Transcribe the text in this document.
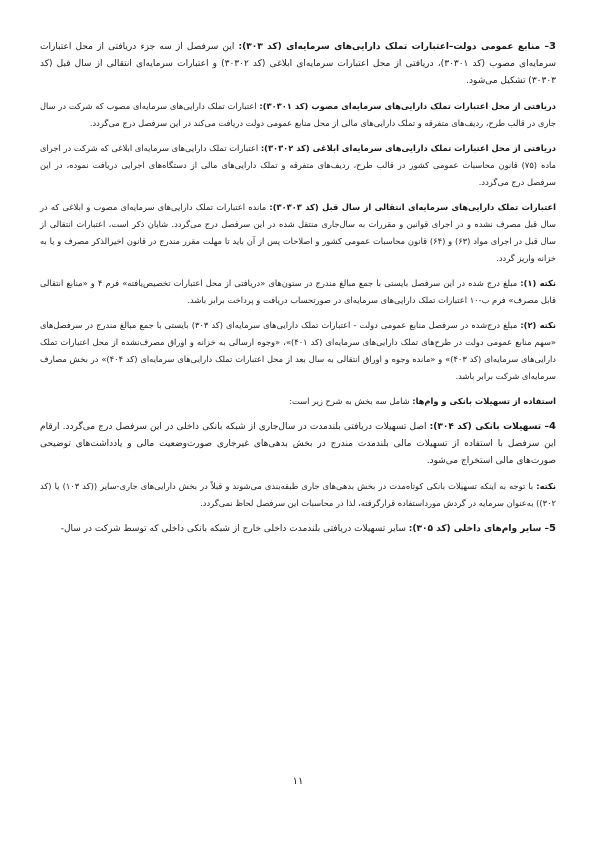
3– منابع عمومی دولت–اعتبارات تملک دارایی‌های سرمایه‌ای (کد ۳۰۳): این سرفصل از سه جزء دریافتی از محل اعتبارات سرمایه‌ای مصوب (کد ۳۰۳۰۱)، دریافتی از محل اعتبارات سرمایه‌ای ابلاغی (کد ۳۰۳۰۲) و اعتبارات سرمایه‌ای انتقالی از سال قبل (کد ۳۰۳۰۳) تشکیل می‌شود.

دریافتی از محل اعتبارات تملک دارایی‌های سرمایه‌ای مصوب (کد ۳۰۳۰۱): اعتبارات تملک دارایی‌های سرمایه‌ای مصوب که شرکت در سال جاری در قالب طرح، ردیف‌های متفرقه و تملک دارایی‌های مالی از محل منابع عمومی دولت دریافت می‌کند در این سرفصل درج می‌گردد.

دریافتی از محل اعتبارات تملک دارایی‌های سرمایه‌ای ابلاغی (کد ۳۰۳۰۲): اعتبارات تملک دارایی‌های سرمایه‌ای ابلاغی که شرکت در اجرای ماده (۷۵) قانون محاسبات عمومی کشور در قالب طرح، ردیف‌های متفرقه و تملک دارایی‌های مالی از دستگاه‌های اجرایی دریافت نموده، در این سرفصل درج می‌گردد.

اعتبارات تملک دارایی‌های سرمایه‌ای انتقالی از سال قبل (کد ۳۰۳۰۳): مانده اعتبارات تملک دارایی‌های سرمایه‌ای مصوب و ابلاغی که در سال قبل مصرف نشده و در اجرای قوانین و مقررات به سال‌جاری منتقل شده در این سرفصل درج می‌گردد. شایان ذکر است، اعتبارات انتقالی از سال قبل در اجرای مواد (۶۳) و (۶۴) قانون محاسبات عمومی کشور و اصلاحات پس از آن باید تا مهلت مقرر مندرج در قانون اخیرالذکر مصرف و یا به خزانه واریز گردد.

نکته (۱): مبلغ درج شده در این سرفصل بایستی با جمع مبالغ مندرج در ستون‌های «دریافتی از محل اعتبارات تخصیص‌یافته» فرم ۴ و «منابع انتقالی قابل مصرف» فرم ب-۱۰ اعتبارات تملک دارایی‌های سرمایه‌ای در صورتحساب دریافت و پرداخت برابر باشد.

نکته (۲): مبلغ درج‌شده در سرفصل منابع عمومی دولت - اعتبارات تملک دارایی‌های سرمایه‌ای (کد ۳۰۳) بایستی با جمع مبالغ مندرج در سرفصل‌های «سهم منابع عمومی دولت در طرح‌های تملک دارایی‌های سرمایه‌ای (کد ۴۰۱)»، «وجوه ارسالی به خزانه و اوراق مصرف‌نشده از محل اعتبارات تملک دارایی‌های سرمایه‌ای (کد ۴۰۳)» و «مانده وجوه و اوراق انتقالی به سال بعد از محل اعتبارات تملک دارایی‌های سرمایه‌ای (کد ۴۰۴)» در بخش مصارف سرمایه‌ای شرکت برابر باشد.

استفاده از تسهیلات بانکی و وام‌ها: شامل سه بخش به شرح زیر است:

4– تسهیلات بانکی (کد ۳۰۴): اصل تسهیلات دریافتی بلندمدت در سال‌جاری از شبکه بانکی داخلی در این سرفصل درج می‌گردد. ارقام این سرفصل با استفاده از تسهیلات مالی بلندمدت مندرج در بخش بدهی‌های غیرجاری صورت‌وضعیت مالی و یادداشت‌های توضیحی صورت‌های مالی استخراج می‌شود.

نکته: با توجه به اینکه تسهیلات بانکی کوتاه‌مدت در بخش بدهی‌های جاری طبقه‌بندی می‌شوند و قبلاً در بخش دارایی‌های جاری-سایر ((کد ۱۰۳) یا (کد ۳۰۲)) به‌عنوان سرمایه در گردش مورداستفاده قرارگرفته، لذا در محاسبات این سرفصل لحاظ نمی‌گردد.

5– سایر وام‌های داخلی (کد ۳۰۵): سایر تسهیلات دریافتی بلندمدت داخلی خارج از شبکه بانکی داخلی که توسط شرکت در سال-

۱۱
